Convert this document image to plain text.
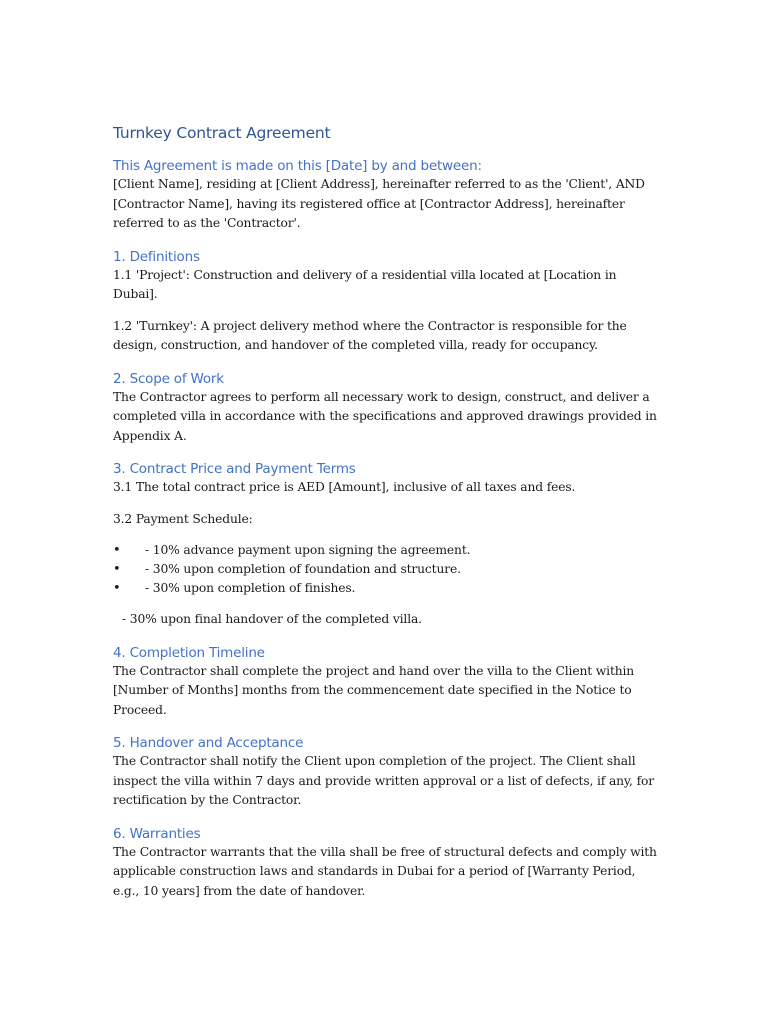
Turnkey Contract Agreement
This Agreement is made on this [Date] by and between:

[Client Name], residing at [Client Address], hereinafter referred to as the 'Client', AND [Contractor Name], having its registered office at [Contractor Address], hereinafter referred to as the 'Contractor'.

1. Definitions

1.1 'Project': Construction and delivery of a residential villa located at [Location in Dubai].

1.2 'Turnkey': A project delivery method where the Contractor is responsible for the design, construction, and handover of the completed villa, ready for occupancy.

2. Scope of Work

The Contractor agrees to perform all necessary work to design, construct, and deliver a completed villa in accordance with the specifications and approved drawings provided in Appendix A.

3. Contract Price and Payment Terms

3.1 The total contract price is AED [Amount], inclusive of all taxes and fees.

3.2 Payment Schedule:

• - 10% advance payment upon signing the agreement.
• - 30% upon completion of foundation and structure.
• - 30% upon completion of finishes.

- 30% upon final handover of the completed villa.

4. Completion Timeline

The Contractor shall complete the project and hand over the villa to the Client within [Number of Months] months from the commencement date specified in the Notice to Proceed.

5. Handover and Acceptance

The Contractor shall notify the Client upon completion of the project. The Client shall inspect the villa within 7 days and provide written approval or a list of defects, if any, for rectification by the Contractor.

6. Warranties

The Contractor warrants that the villa shall be free of structural defects and comply with applicable construction laws and standards in Dubai for a period of [Warranty Period, e.g., 10 years] from the date of handover.
